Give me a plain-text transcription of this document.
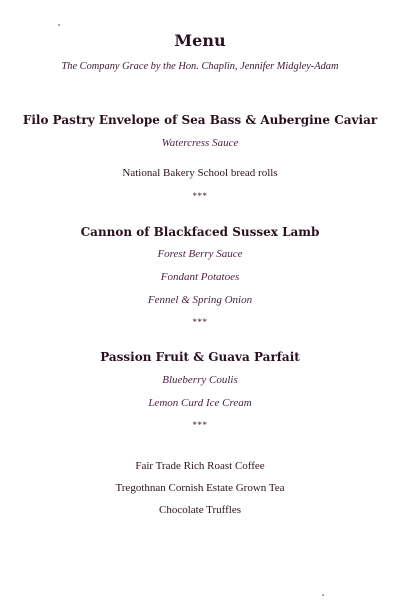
Menu
The Company Grace by the Hon. Chaplin, Jennifer Midgley-Adam
Filo Pastry Envelope of Sea Bass & Aubergine Caviar
Watercress Sauce
National Bakery School bread rolls
***
Cannon of Blackfaced Sussex Lamb
Forest Berry Sauce
Fondant Potatoes
Fennel & Spring Onion
***
Passion Fruit & Guava Parfait
Blueberry Coulis
Lemon Curd Ice Cream
***
Fair Trade Rich Roast Coffee
Tregothnan Cornish Estate Grown Tea
Chocolate Truffles
